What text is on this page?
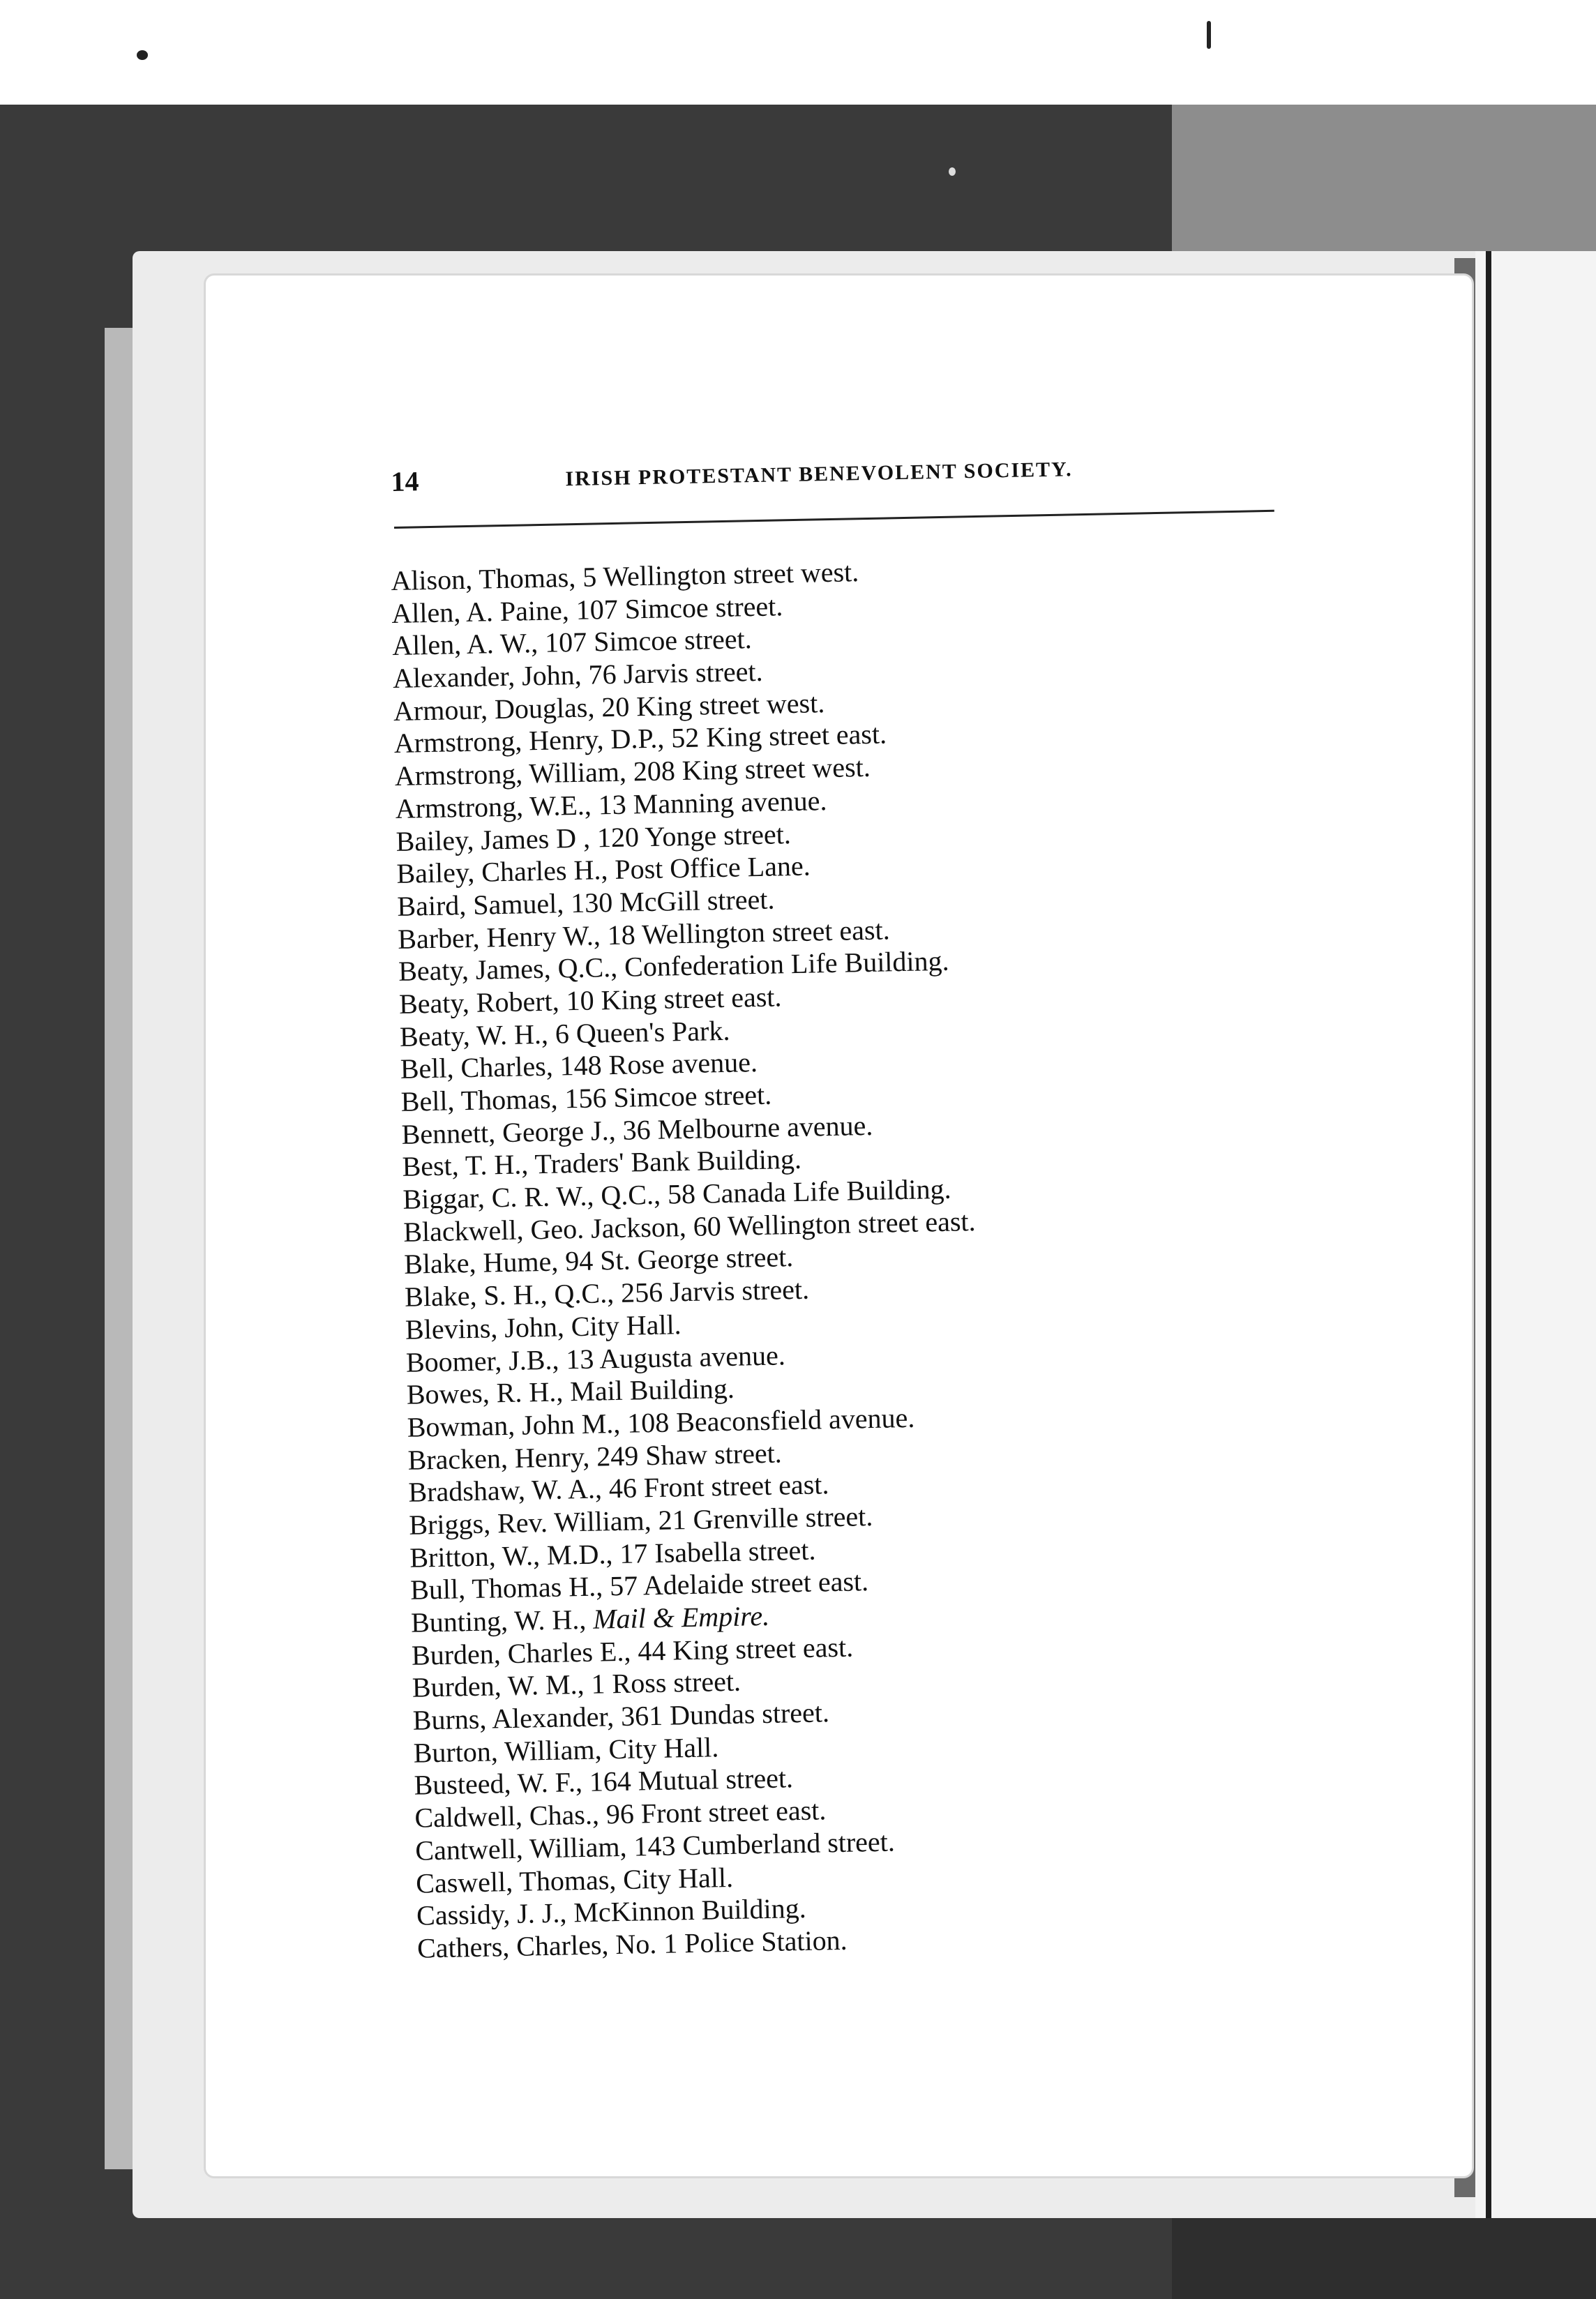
14	IRISH PROTESTANT BENEVOLENT SOCIETY.
Alison, Thomas, 5 Wellington street west.
Allen, A. Paine, 107 Simcoe street.
Allen, A. W., 107 Simcoe street.
Alexander, John, 76 Jarvis street.
Armour, Douglas, 20 King street west.
Armstrong, Henry, D.P., 52 King street east.
Armstrong, William, 208 King street west.
Armstrong, W.E., 13 Manning avenue.
Bailey, James D , 120 Yonge street.
Bailey, Charles H., Post Office Lane.
Baird, Samuel, 130 McGill street.
Barber, Henry W., 18 Wellington street east.
Beaty, James, Q.C., Confederation Life Building.
Beaty, Robert, 10 King street east.
Beaty, W. H., 6 Queen's Park.
Bell, Charles, 148 Rose avenue.
Bell, Thomas, 156 Simcoe street.
Bennett, George J., 36 Melbourne avenue.
Best, T. H., Traders' Bank Building.
Biggar, C. R. W., Q.C., 58 Canada Life Building.
Blackwell, Geo. Jackson, 60 Wellington street east.
Blake, Hume, 94 St. George street.
Blake, S. H., Q.C., 256 Jarvis street.
Blevins, John, City Hall.
Boomer, J.B., 13 Augusta avenue.
Bowes, R. H., Mail Building.
Bowman, John M., 108 Beaconsfield avenue.
Bracken, Henry, 249 Shaw street.
Bradshaw, W. A., 46 Front street east.
Briggs, Rev. William, 21 Grenville street.
Britton, W., M.D., 17 Isabella street.
Bull, Thomas H., 57 Adelaide street east.
Bunting, W. H., Mail & Empire.
Burden, Charles E., 44 King street east.
Burden, W. M., 1 Ross street.
Burns, Alexander, 361 Dundas street.
Burton, William, City Hall.
Busteed, W. F., 164 Mutual street.
Caldwell, Chas., 96 Front street east.
Cantwell, William, 143 Cumberland street.
Caswell, Thomas, City Hall.
Cassidy, J. J., McKinnon Building.
Cathers, Charles, No. 1 Police Station.
